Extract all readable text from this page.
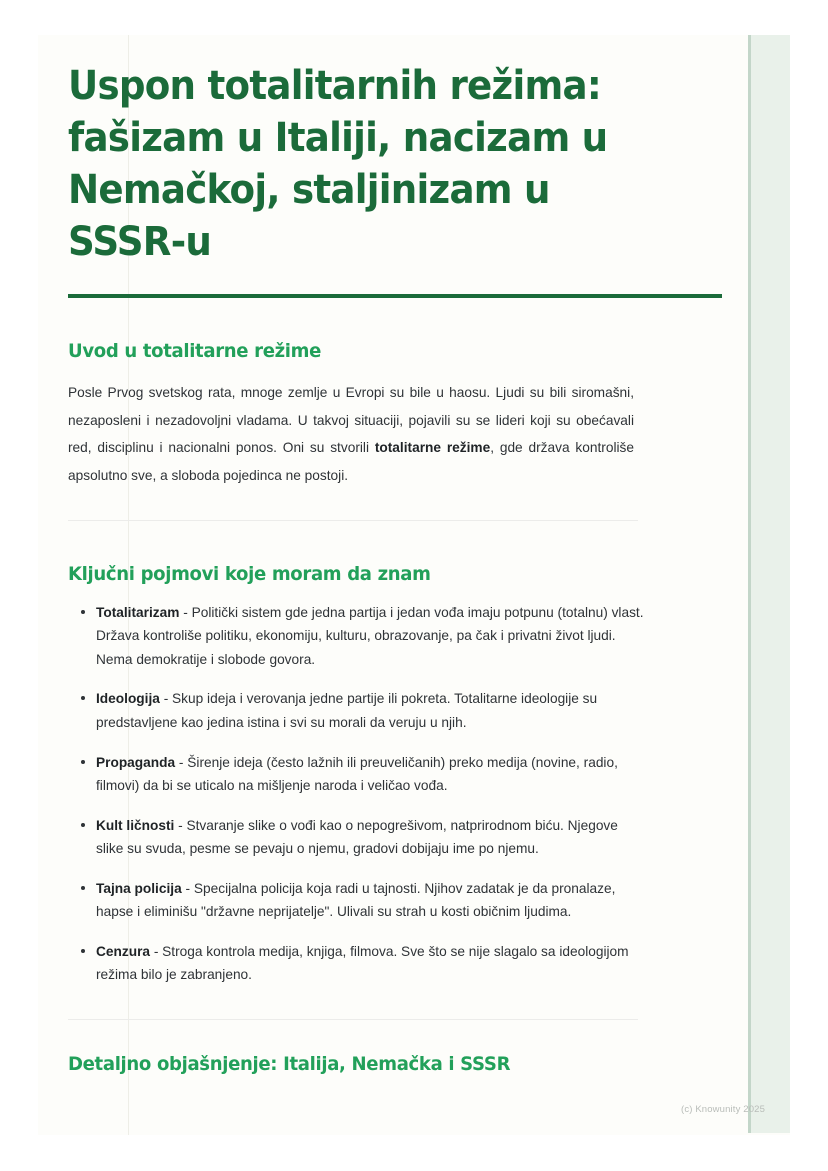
Uspon totalitarnih režima: fašizam u Italiji, nacizam u Nemačkoj, staljinizam u SSSR-u
Uvod u totalitarne režime

Posle Prvog svetskog rata, mnoge zemlje u Evropi su bile u haosu. Ljudi su bili siromašni, nezaposleni i nezadovoljni vladama. U takvoj situaciji, pojavili su se lideri koji su obećavali red, disciplinu i nacionalni ponos. Oni su stvorili totalitarne režime, gde država kontroliše apsolutno sve, a sloboda pojedinca ne postoji.

Ključni pojmovi koje moram da znam
Totalitarizam - Politički sistem gde jedna partija i jedan vođa imaju potpunu (totalnu) vlast. Država kontroliše politiku, ekonomiju, kulturu, obrazovanje, pa čak i privatni život ljudi. Nema demokratije i slobode govora.
Ideologija - Skup ideja i verovanja jedne partije ili pokreta. Totalitarne ideologije su predstavljene kao jedina istina i svi su morali da veruju u njih.
Propaganda - Širenje ideja (često lažnih ili preuveličanih) preko medija (novine, radio, filmovi) da bi se uticalo na mišljenje naroda i veličao vođa.
Kult ličnosti - Stvaranje slike o vođi kao o nepogrešivom, natprirodnom biću. Njegove slike su svuda, pesme se pevaju o njemu, gradovi dobijaju ime po njemu.
Tajna policija - Specijalna policija koja radi u tajnosti. Njihov zadatak je da pronalaze, hapse i eliminišu "državne neprijatelje". Ulivali su strah u kosti običnim ljudima.
Cenzura - Stroga kontrola medija, knjiga, filmova. Sve što se nije slagalo sa ideologijom režima bilo je zabranjeno.
Detaljno objašnjenje: Italija, Nemačka i SSSR
(c) Knowunity 2025
